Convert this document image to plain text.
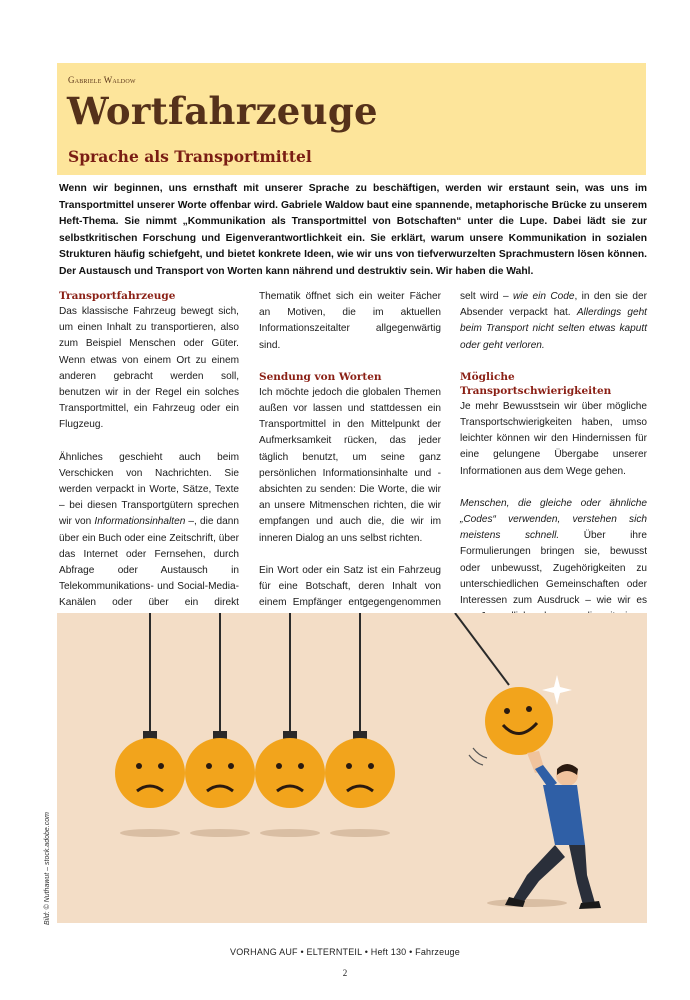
Gabriele Waldow
Wortfahrzeuge
Sprache als Transportmittel
Wenn wir beginnen, uns ernsthaft mit unserer Sprache zu beschäftigen, werden wir erstaunt sein, was uns im Transportmittel unserer Worte offenbar wird. Gabriele Waldow baut eine spannende, metaphorische Brücke zu unserem Heft-Thema. Sie nimmt „Kommunikation als Transportmittel von Botschaften“ unter die Lupe. Dabei lädt sie zur selbstkritischen Forschung und Eigenverantwortlichkeit ein. Sie erklärt, warum unsere Kommunikation in sozialen Strukturen häufig schiefgeht, und bietet konkrete Ideen, wie wir uns von tiefverwurzelten Sprachmustern lösen können. Der Austausch und Transport von Worten kann nährend und destruktiv sein. Wir haben die Wahl.
Transportfahrzeuge

Das klassische Fahrzeug bewegt sich, um einen Inhalt zu transportieren, also zum Beispiel Menschen oder Güter. Wenn etwas von einem Ort zu einem anderen gebracht werden soll, benutzen wir in der Regel ein solches Transportmittel, ein Fahrzeug oder ein Flugzeug.

Ähnliches geschieht auch beim Verschicken von Nachrichten. Sie werden verpackt in Worte, Sätze, Texte – bei diesen Transportgütern sprechen wir von Informationsinhalten –, die dann über ein Buch oder eine Zeitschrift, über das Internet oder Fernsehen, durch Abfrage oder Austausch in Telekommunikations- und Social-Media-Kanälen oder über ein direkt

Thematik öffnet sich ein weiter Fächer an Motiven, die im aktuellen Informationszeitalter allgegenwärtig sind.

Sendung von Worten

Ich möchte jedoch die globalen Themen außen vor lassen und stattdessen ein Transportmittel in den Mittelpunkt der Aufmerksamkeit rücken, das jeder täglich benutzt, um seine ganz persönlichen Informationsinhalte und -absichten zu senden: Die Worte, die wir an unsere Mitmenschen richten, die wir empfangen und auch die, die wir im inneren Dialog an uns selbst richten.

Ein Wort oder ein Satz ist ein Fahrzeug für eine Botschaft, deren Inhalt von einem Empfänger entgegengenommen

selt wird – wie ein Code, in den sie der Absender verpackt hat. Allerdings geht beim Transport nicht selten etwas kaputt oder geht verloren.

Mögliche Transportschwierigkeiten

Je mehr Bewusstsein wir über mögliche Transportschwierigkeiten haben, umso leichter können wir den Hindernissen für eine gelungene Übergabe unserer Informationen aus dem Wege gehen.

Menschen, die gleiche oder ähnliche „Codes“ verwenden, verstehen sich meistens schnell. Über ihre Formulierungen bringen sie, bewusst oder unbewusst, Zugehörigkeiten zu unterschiedlichen Gemeinschaften oder Interessen zum Ausdruck – wie wir es

Bild: © Nuthawut – stock.adobe.com
VORHANG AUF • ELTERNTEIL • Heft 130 • Fahrzeuge
2
